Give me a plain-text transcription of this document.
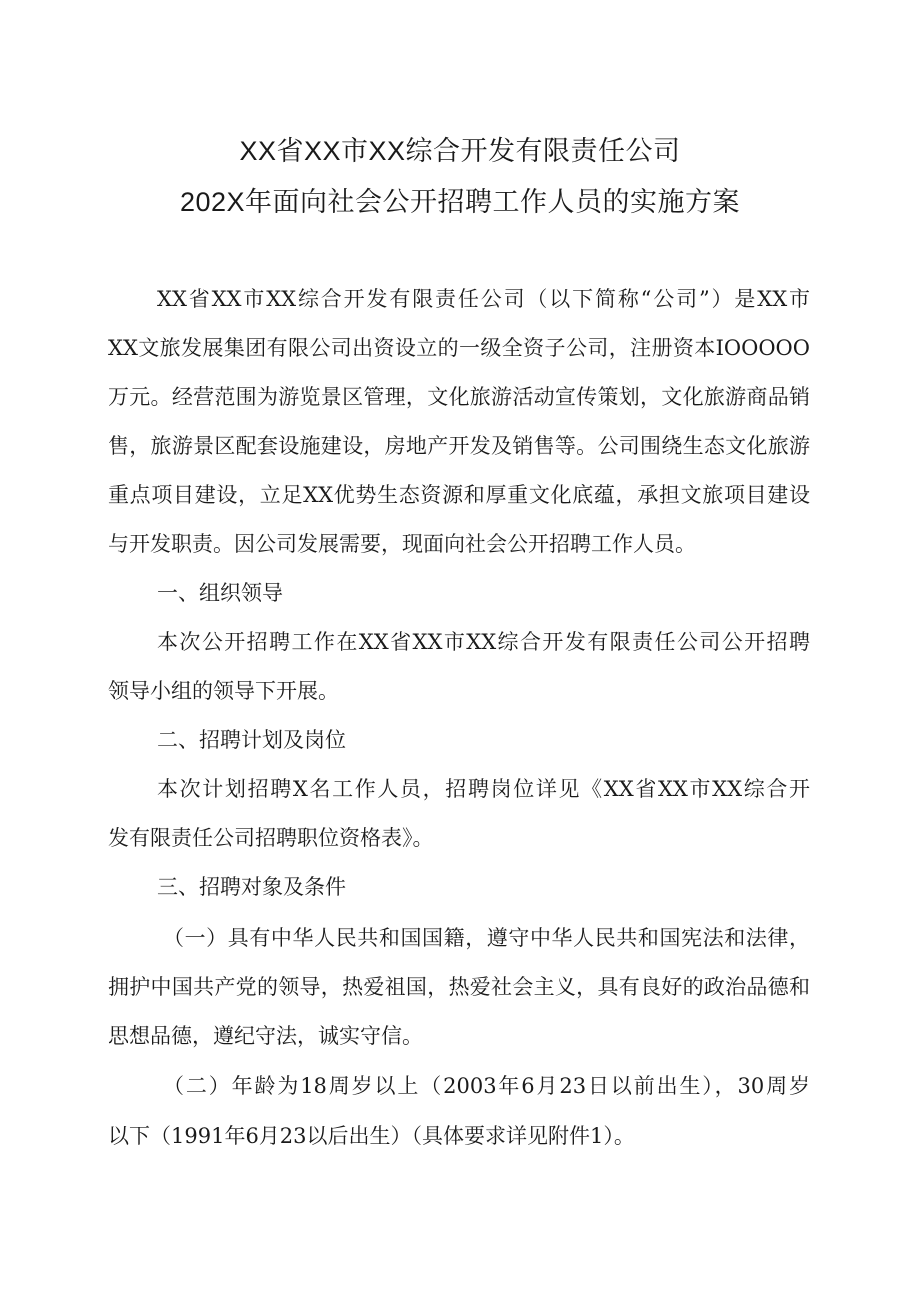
XX省XX市XX综合开发有限责任公司
202X年面向社会公开招聘工作人员的实施方案
XX省XX市XX综合开发有限责任公司（以下简称“公司”）是XX市
XX文旅发展集团有限公司出资设立的一级全资子公司，注册资本IOOOOO
万元。经营范围为游览景区管理，文化旅游活动宣传策划，文化旅游商品销
售，旅游景区配套设施建设，房地产开发及销售等。公司围绕生态文化旅游
重点项目建设，立足XX优势生态资源和厚重文化底蕴，承担文旅项目建设
与开发职责。因公司发展需要，现面向社会公开招聘工作人员。
一、组织领导
本次公开招聘工作在XX省XX市XX综合开发有限责任公司公开招聘
领导小组的领导下开展。
二、招聘计划及岗位
本次计划招聘X名工作人员，招聘岗位详见《XX省XX市XX综合开
发有限责任公司招聘职位资格表》。
三、招聘对象及条件
（一）具有中华人民共和国国籍，遵守中华人民共和国宪法和法律，
拥护中国共产党的领导，热爱祖国，热爱社会主义，具有良好的政治品德和
思想品德，遵纪守法，诚实守信。
（二）年龄为18周岁以上（2003年6月23日以前出生），30周岁
以下（1991年6月23以后出生）（具体要求详见附件1）。
